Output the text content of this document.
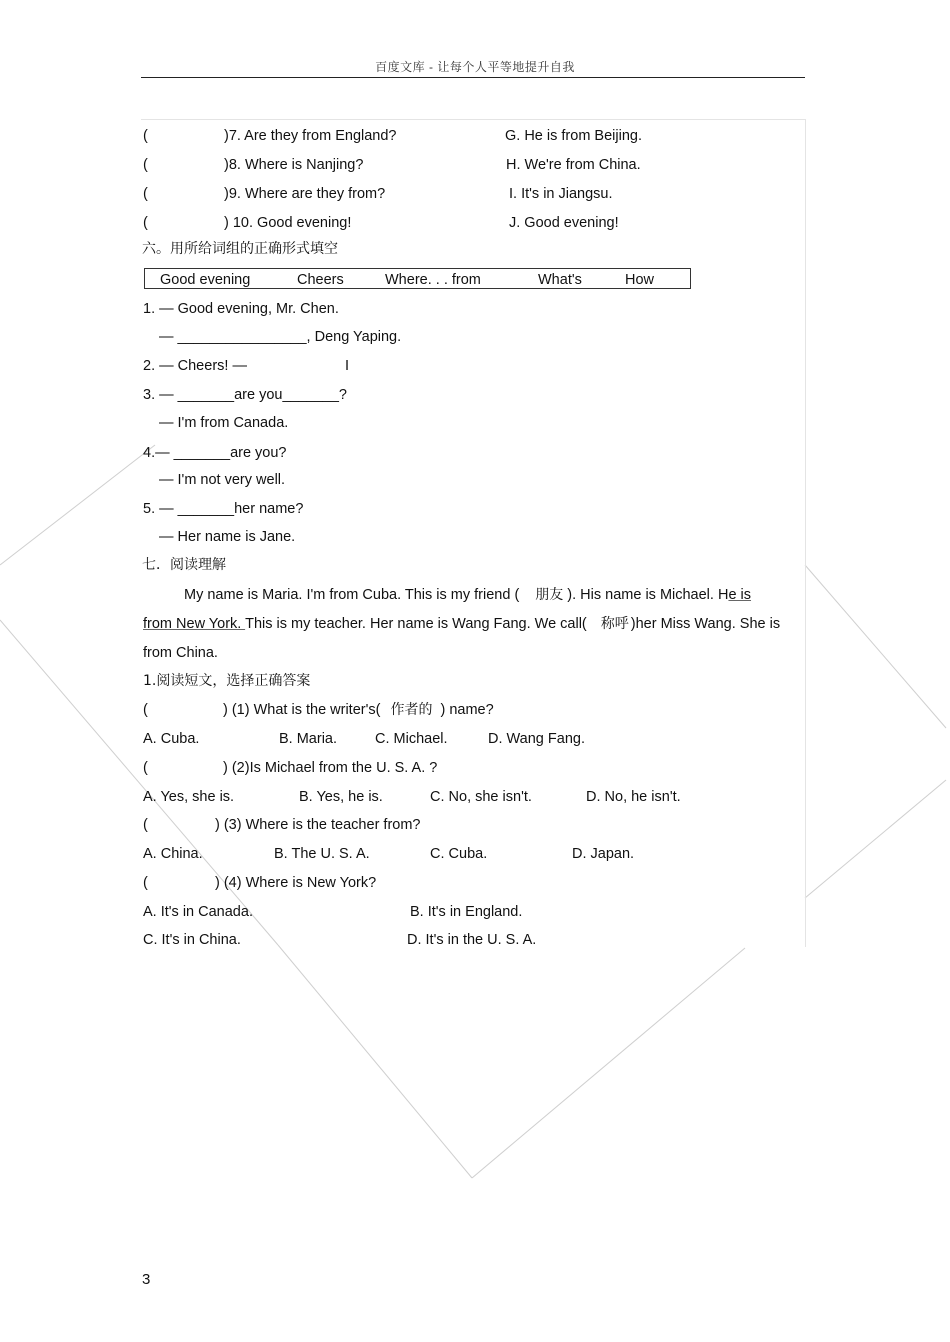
百度文库 - 让每个人平等地提升自我
(	)7. Are they from England?	G. He is from Beijing.
(	)8. Where is Nanjing?	H. We're from China.
(	)9. Where are they from?	I. It's in Jiangsu.
(	) 10. Good evening!	J. Good evening!
六。用所给词组的正确形式填空
Good evening	Cheers	Where. . . from	What's	How
1. — Good evening, Mr. Chen.
— ________________, Deng Yaping.
2. — Cheers! —	I
3. — _______are you_______?
— I'm from Canada.
4.— _______are you?
— I'm not very well.
5. — _______her name?
— Her name is Jane.
七．阅读理解
My name is Maria. I'm from Cuba. This is my friend ( 朋友 ). His name is Michael. He is
from New York. This is my teacher. Her name is Wang Fang. We call( 称呼 )her Miss Wang. She is
from China.
1.阅读短文，选择正确答案
(	) (1) What is the writer's( 作者的 ) name?
A. Cuba.	B. Maria.	C. Michael.	D. Wang Fang.
(	) (2)Is Michael from the U. S. A. ?
A. Yes, she is.	B. Yes, he is.	C. No, she isn't.	D. No, he isn't.
(	) (3) Where is the teacher from?
A. China.	B. The U. S. A.	C. Cuba.	D. Japan.
(	) (4) Where is New York?
A. It's in Canada.	B. It's in England.
C. It's in China.	D. It's in the U. S. A.
3
